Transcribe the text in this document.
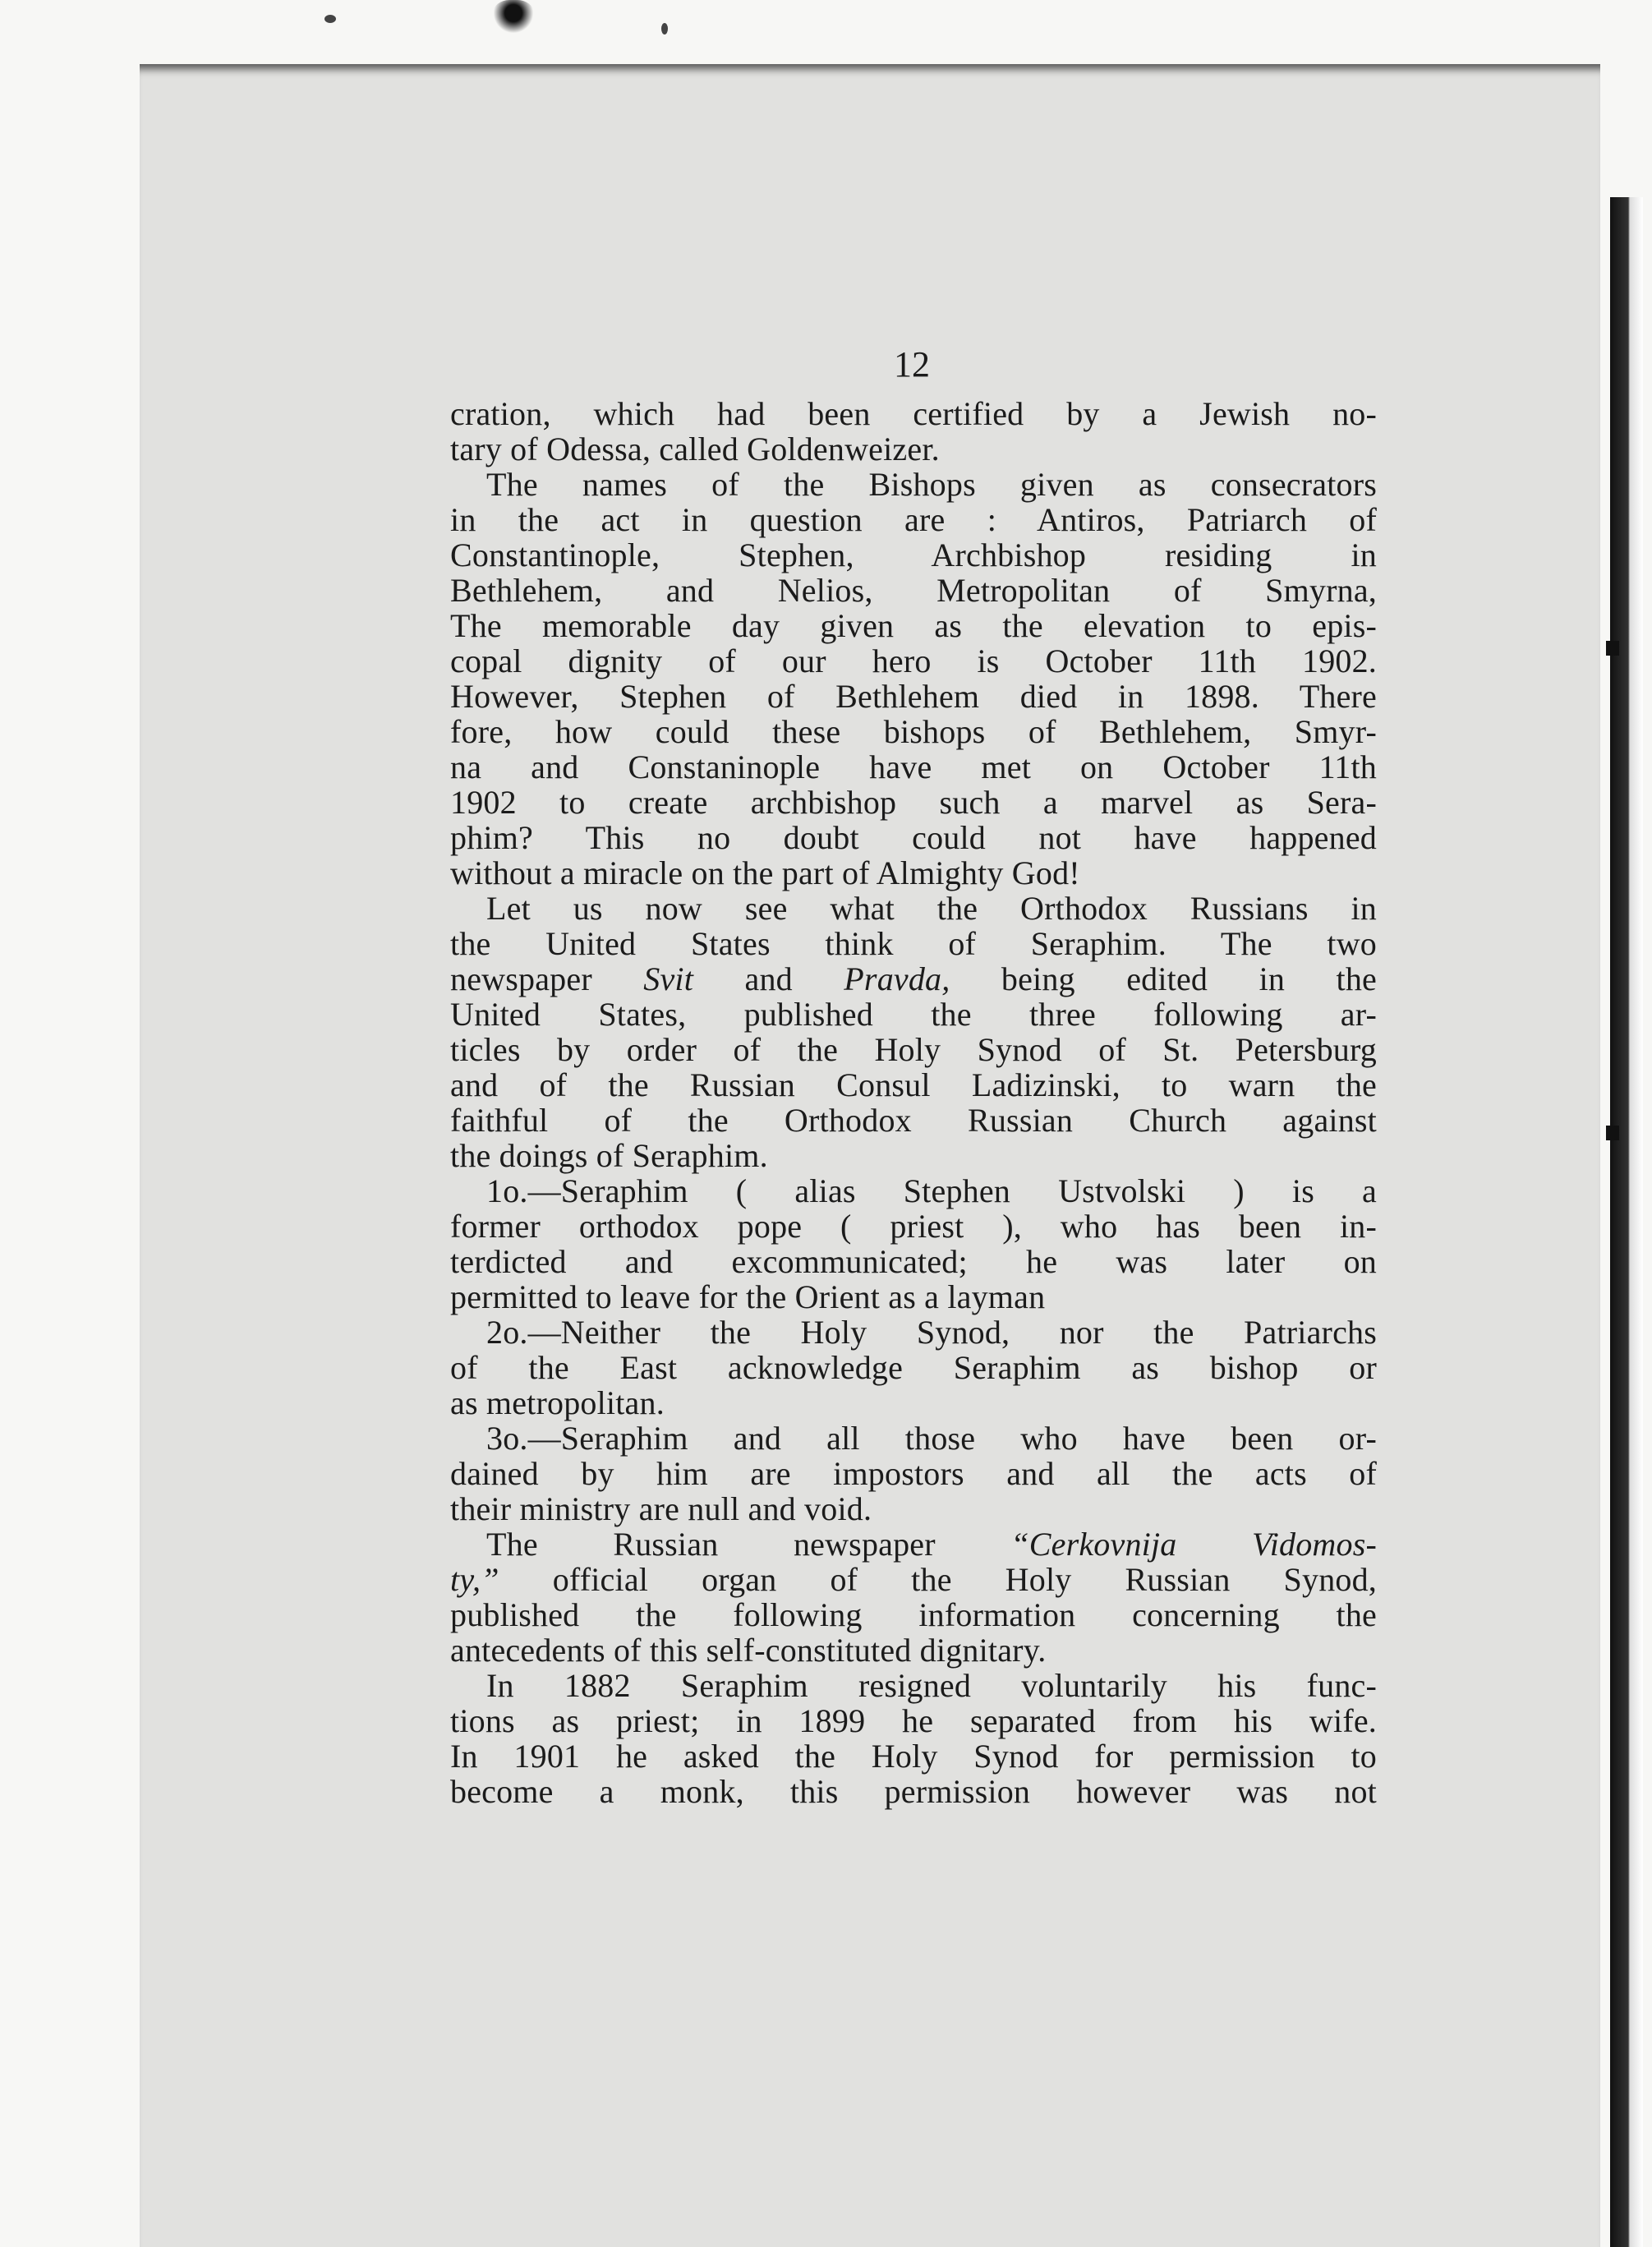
12
cration, which had been certified by a Jewish no-
tary of Odessa, called Goldenweizer.
The names of the Bishops given as consecrators
in the act in question are : Antiros, Patriarch of
Constantinople, Stephen, Archbishop residing in
Bethlehem, and Nelios, Metropolitan of Smyrna,
The memorable day given as the elevation to epis-
copal dignity of our hero is October 11th 1902.
However, Stephen of Bethlehem died in 1898. There
fore, how could these bishops of Bethlehem, Smyr-
na and Constaninople have met on October 11th
1902 to create archbishop such a marvel as Sera-
phim? This no doubt could not have happened
without a miracle on the part of Almighty God!
Let us now see what the Orthodox Russians in
the United States think of Seraphim. The two
newspaper Svit and Pravda, being edited in the
United States, published the three following ar-
ticles by order of the Holy Synod of St. Petersburg
and of the Russian Consul Ladizinski, to warn the
faithful of the Orthodox Russian Church against
the doings of Seraphim.
1o.—Seraphim ( alias Stephen Ustvolski ) is a
former orthodox pope ( priest ), who has been in-
terdicted and excommunicated; he was later on
permitted to leave for the Orient as a layman
2o.—Neither the Holy Synod, nor the Patriarchs
of the East acknowledge Seraphim as bishop or
as metropolitan.
3o.—Seraphim and all those who have been or-
dained by him are impostors and all the acts of
their ministry are null and void.
The Russian newspaper “Cerkovnija Vidomos-
ty,” official organ of the Holy Russian Synod,
published the following information concerning the
antecedents of this self-constituted dignitary.
In 1882 Seraphim resigned voluntarily his func-
tions as priest; in 1899 he separated from his wife.
In 1901 he asked the Holy Synod for permission to
become a monk, this permission however was not
